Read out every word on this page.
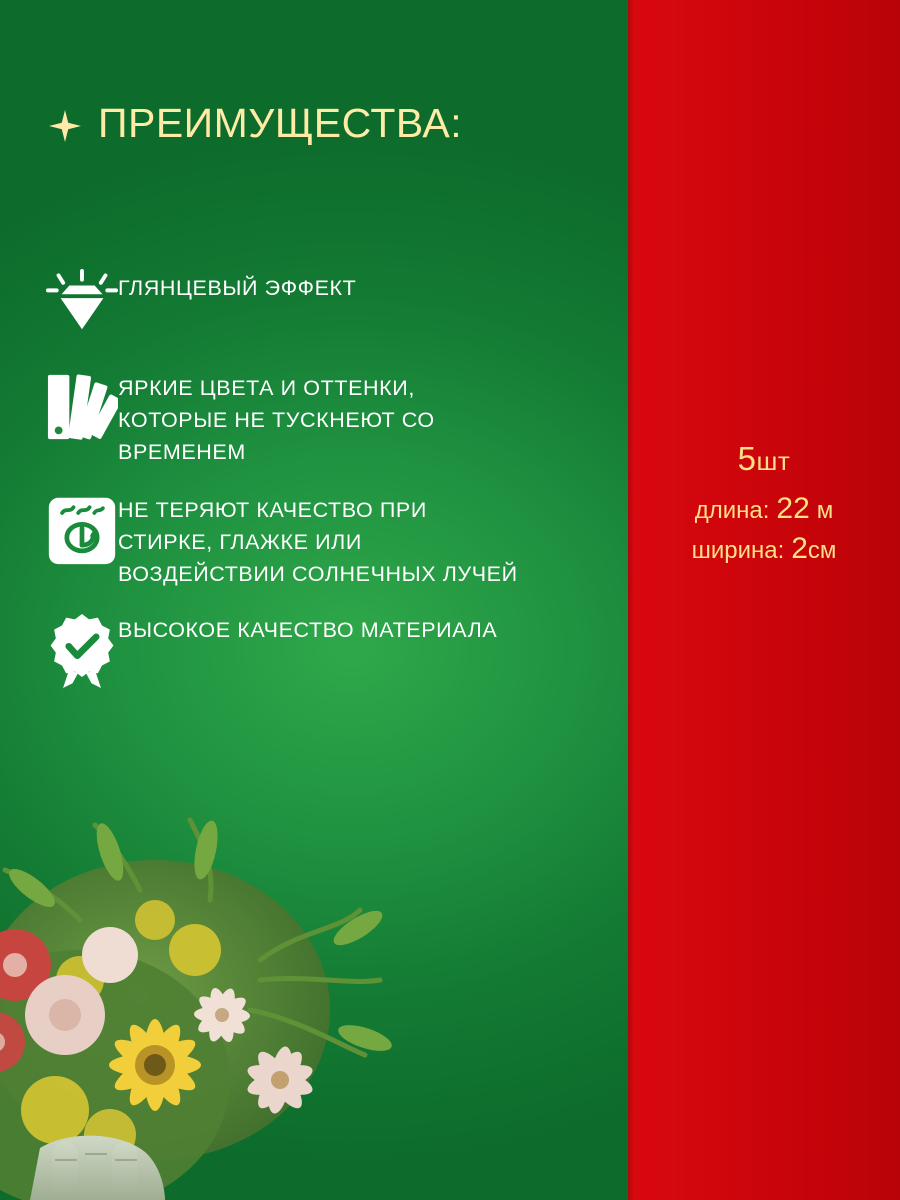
ПРЕИМУЩЕСТВА:
ГЛЯНЦЕВЫЙ ЭФФЕКТ
ЯРКИЕ ЦВЕТА И ОТТЕНКИ, КОТОРЫЕ НЕ ТУСКНЕЮТ СО ВРЕМЕНЕМ
НЕ ТЕРЯЮТ КАЧЕСТВО ПРИ СТИРКЕ, ГЛАЖКЕ ИЛИ ВОЗДЕЙСТВИИ СОЛНЕЧНЫХ ЛУЧЕЙ
ВЫСОКОЕ КАЧЕСТВО МАТЕРИАЛА
5шт
длина: 22 м
ширина: 2см
